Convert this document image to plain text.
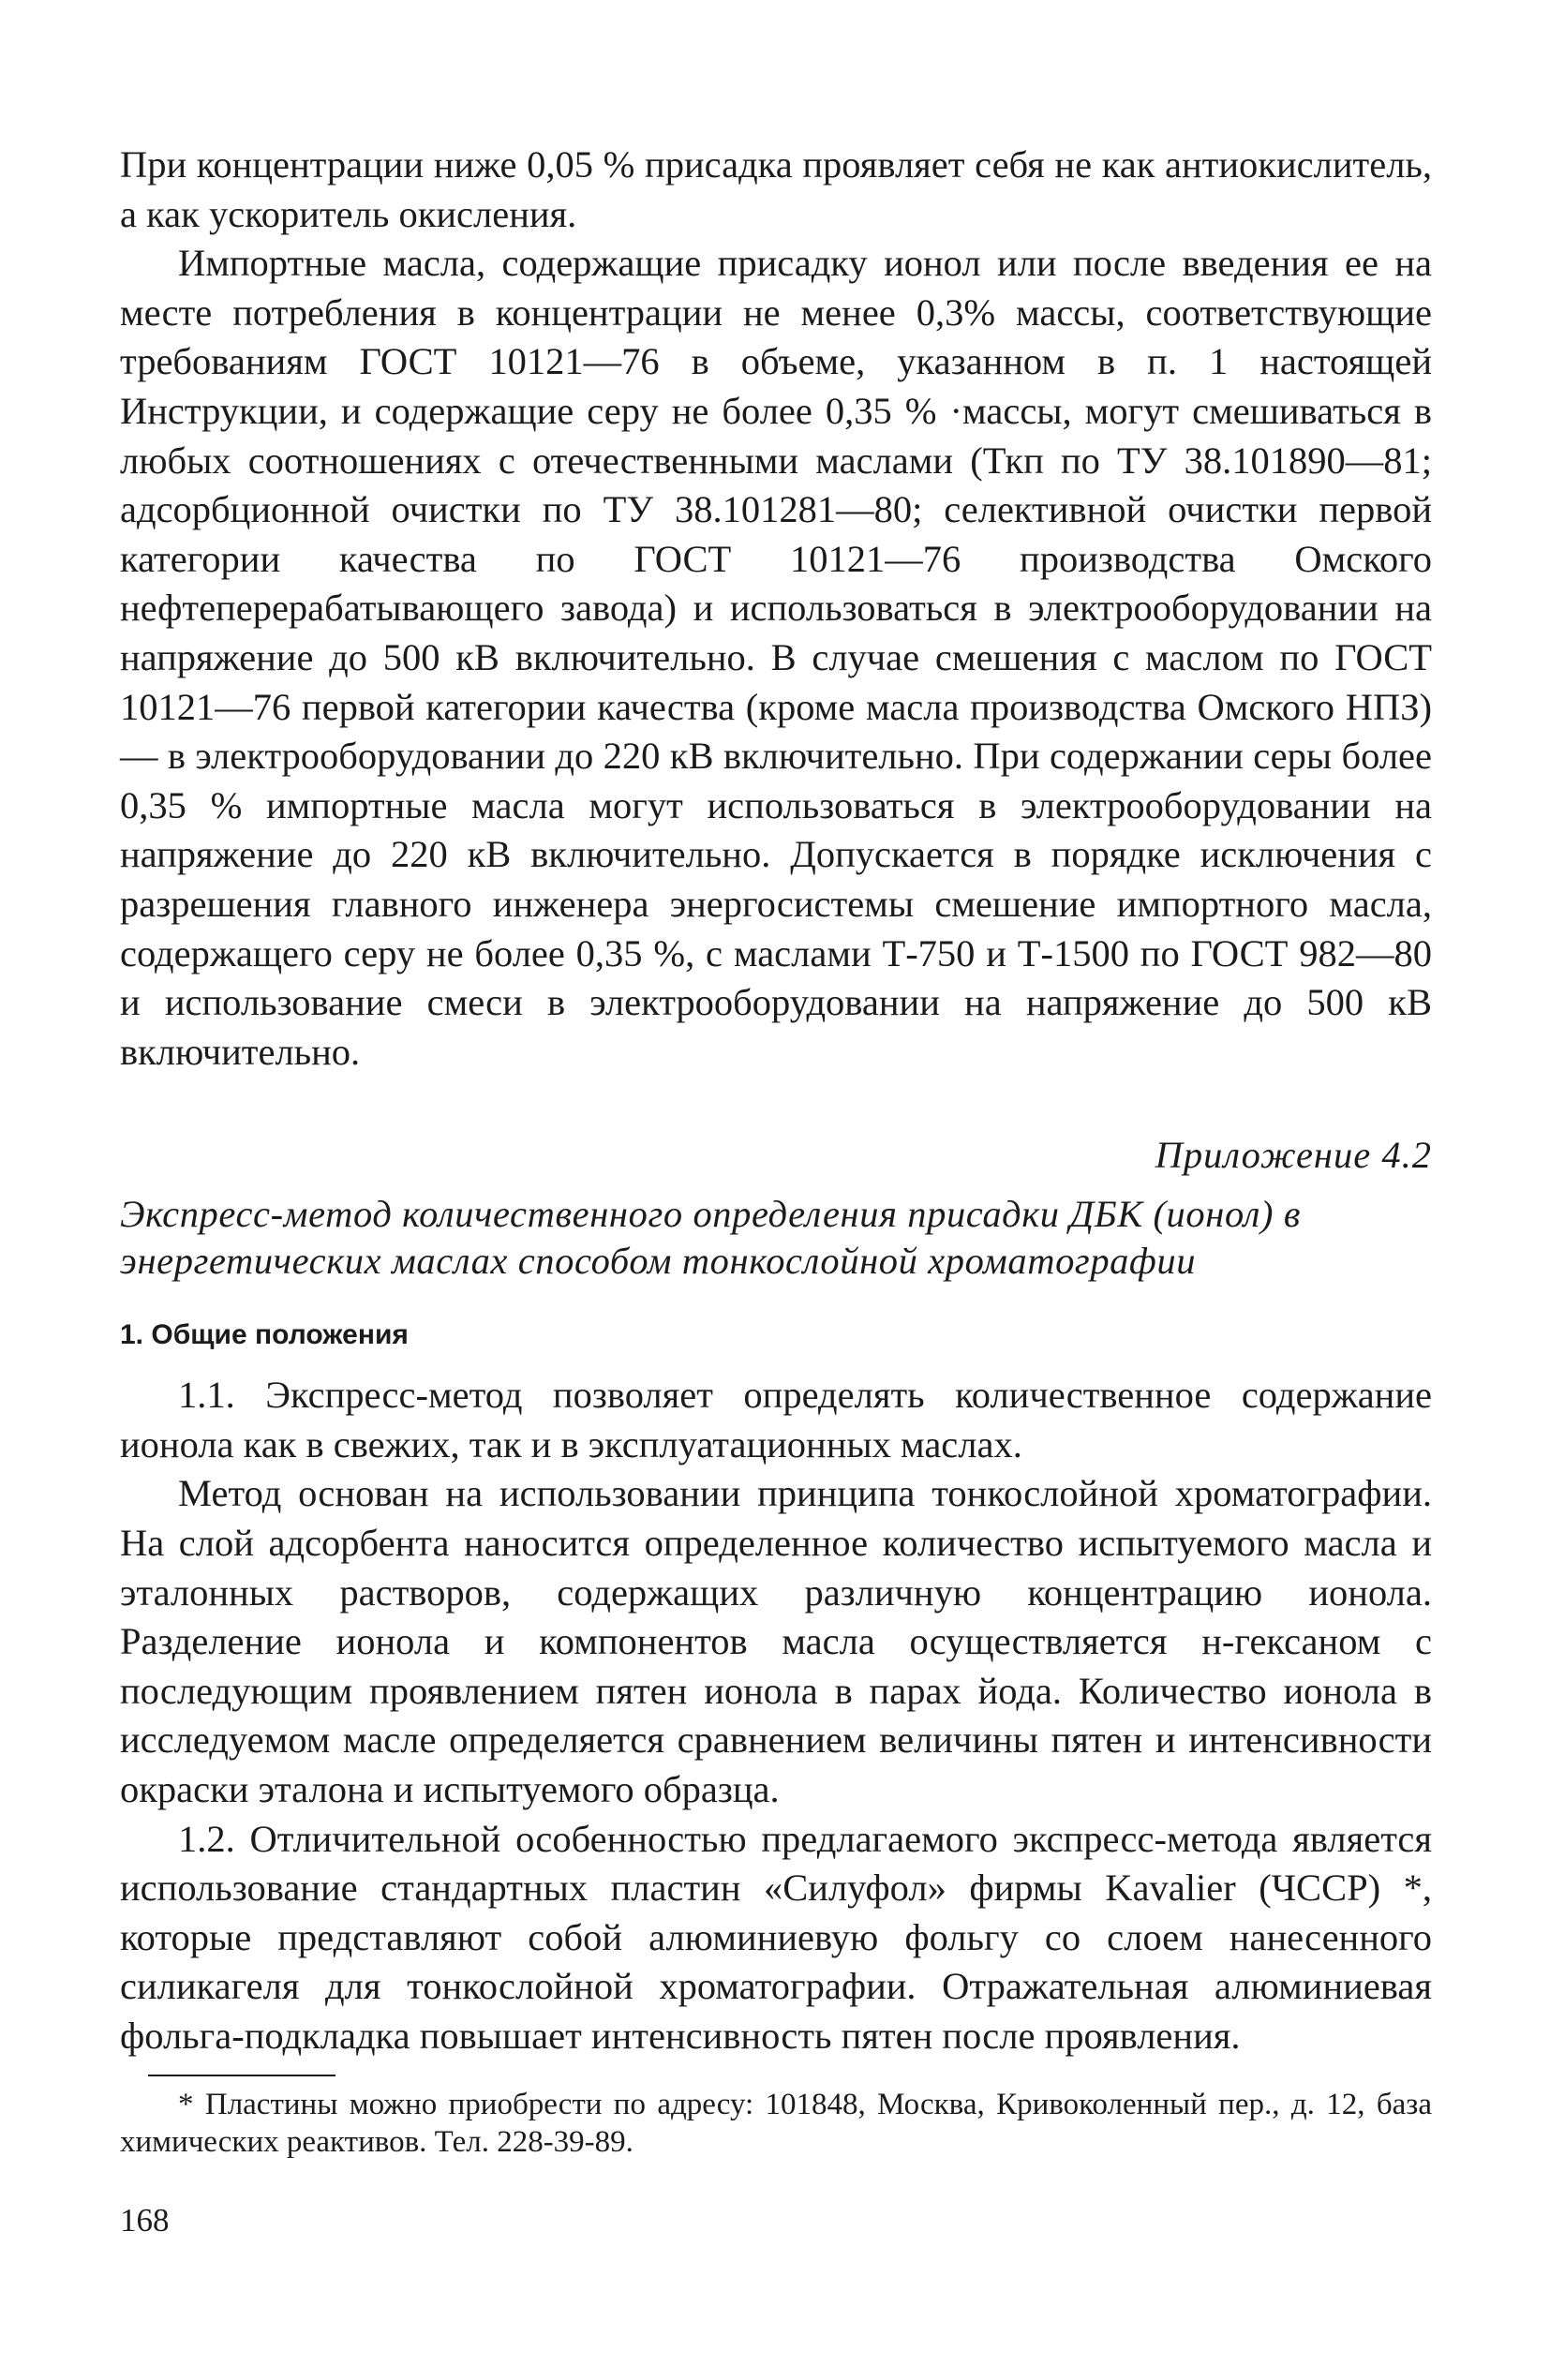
При концентрации ниже 0,05 % присадка проявляет себя не как антиокислитель, а как ускоритель окисления.

Импортные масла, содержащие присадку ионол или после введения ее на месте потребления в концентрации не менее 0,3% массы, соответствующие требованиям ГОСТ 10121—76 в объеме, указанном в п. 1 настоящей Инструкции, и содержащие серу не более 0,35 % ·массы, могут смешиваться в любых соотношениях с отечественными маслами (Ткп по ТУ 38.101890—81; адсорбционной очистки по ТУ 38.101281—80; селективной очистки первой категории качества по ГОСТ 10121—76 производства Омского нефтеперерабатывающего завода) и использоваться в электрооборудовании на напряжение до 500 кВ включительно. В случае смешения с маслом по ГОСТ 10121—76 первой категории качества (кроме масла производства Омского НПЗ) — в электрооборудовании до 220 кВ включительно. При содержании серы более 0,35 % импортные масла могут использоваться в электрооборудовании на напряжение до 220 кВ включительно. Допускается в порядке исключения с разрешения главного инженера энергосистемы смешение импортного масла, содержащего серу не более 0,35 %, с маслами Т-750 и Т-1500 по ГОСТ 982—80 и использование смеси в электрооборудовании на напряжение до 500 кВ включительно.

Приложение 4.2
Экспресс-метод количественного определения присадки ДБК (ионол) в энергетических маслах способом тонкослойной хроматографии
1. Общие положения

1.1. Экспресс-метод позволяет определять количественное содержание ионола как в свежих, так и в эксплуатационных маслах.

Метод основан на использовании принципа тонкослойной хроматографии. На слой адсорбента наносится определенное количество испытуемого масла и эталонных растворов, содержащих различную концентрацию ионола. Разделение ионола и компонентов масла осуществляется н-гексаном с последующим проявлением пятен ионола в парах йода. Количество ионола в исследуемом масле определяется сравнением величины пятен и интенсивности окраски эталона и испытуемого образца.

1.2. Отличительной особенностью предлагаемого экспресс-метода является использование стандартных пластин «Силуфол» фирмы Kavalier (ЧССР) *, которые представляют собой алюминиевую фольгу со слоем нанесенного силикагеля для тонкослойной хроматографии. Отражательная алюминиевая фольга-подкладка повышает интенсивность пятен после проявления.

* Пластины можно приобрести по адресу: 101848, Москва, Кривоколенный пер., д. 12, база химических реактивов. Тел. 228-39-89.

168
